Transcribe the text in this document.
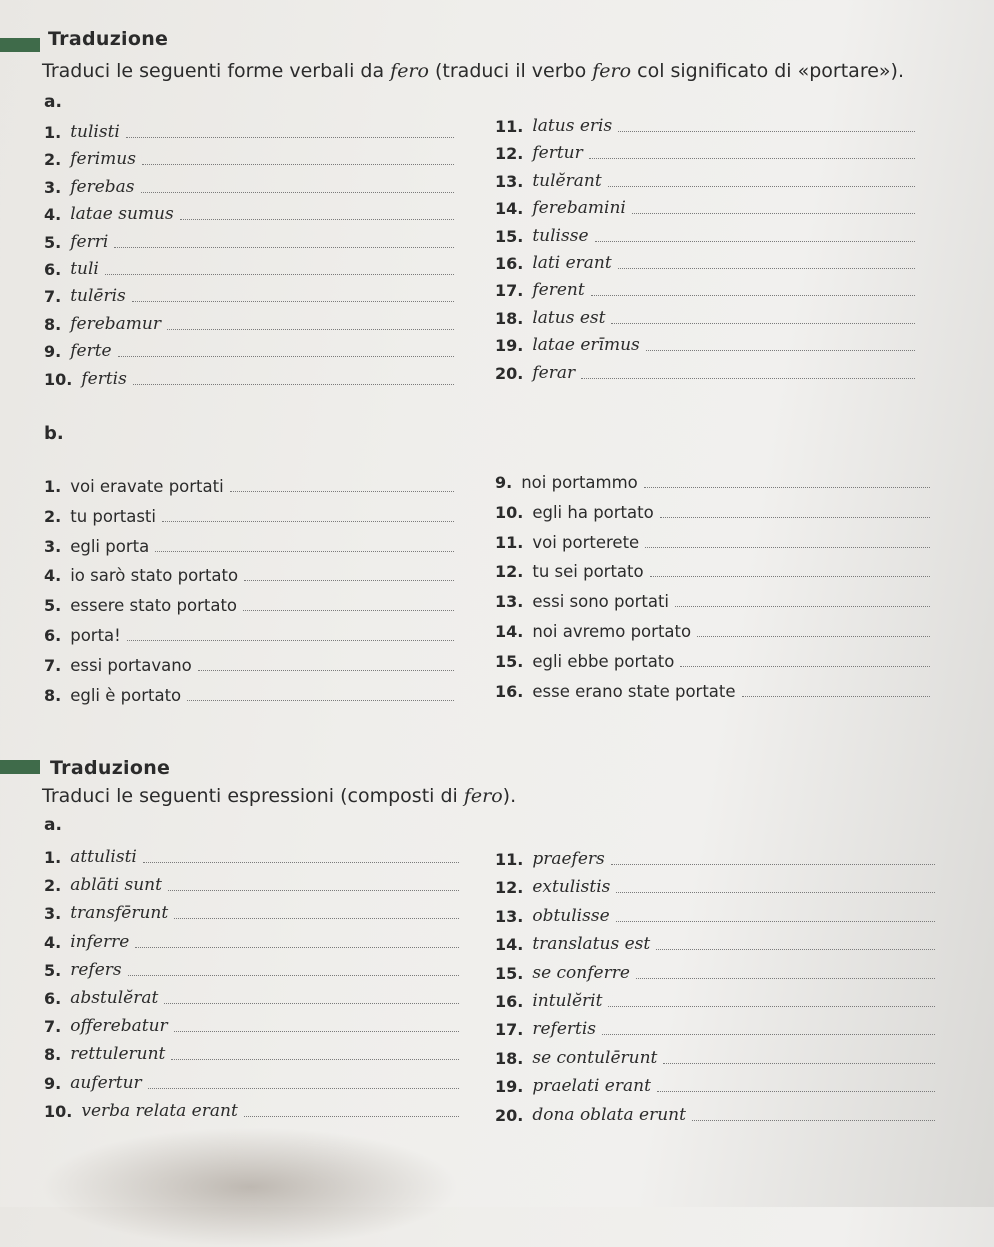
Traduzione
Traduci le seguenti forme verbali da fero (traduci il verbo fero col significato di «portare»).
a.
1. tulisti
2. ferimus
3. ferebas
4. latae sumus
5. ferri
6. tuli
7. tulēris
8. ferebamur
9. ferte
10. fertis
11. latus eris
12. fertur
13. tulĕrant
14. ferebamini
15. tulisse
16. lati erant
17. ferent
18. latus est
19. latae erīmus
20. ferar
b.
1. voi eravate portati
2. tu portasti
3. egli porta
4. io sarò stato portato
5. essere stato portato
6. porta!
7. essi portavano
8. egli è portato
9. noi portammo
10. egli ha portato
11. voi porterete
12. tu sei portato
13. essi sono portati
14. noi avremo portato
15. egli ebbe portato
16. esse erano state portate
Traduzione
Traduci le seguenti espressioni (composti di fero).
a.
1. attulisti
2. ablāti sunt
3. transfērunt
4. inferre
5. refers
6. abstulĕrat
7. offerebatur
8. rettulerunt
9. aufertur
10. verba relata erant
11. praefers
12. extulistis
13. obtulisse
14. translatus est
15. se conferre
16. intulĕrit
17. refertis
18. se contulērunt
19. praelati erant
20. dona oblata erunt
